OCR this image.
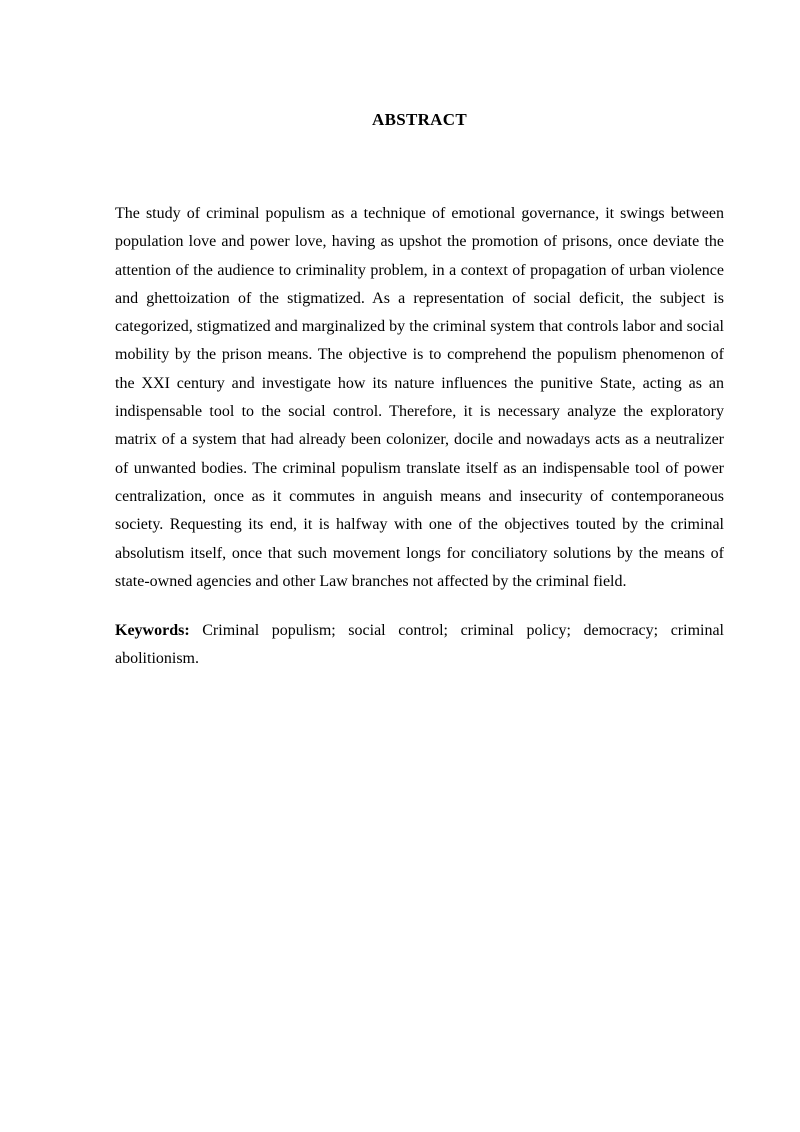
ABSTRACT

The study of criminal populism as a technique of emotional governance, it swings between population love and power love, having as upshot the promotion of prisons, once deviate the attention of the audience to criminality problem, in a context of propagation of urban violence and ghettoization of the stigmatized. As a representation of social deficit, the subject is categorized, stigmatized and marginalized by the criminal system that controls labor and social mobility by the prison means. The objective is to comprehend the populism phenomenon of the XXI century and investigate how its nature influences the punitive State, acting as an indispensable tool to the social control. Therefore, it is necessary analyze the exploratory matrix of a system that had already been colonizer, docile and nowadays acts as a neutralizer of unwanted bodies. The criminal populism translate itself as an indispensable tool of power centralization, once as it commutes in anguish means and insecurity of contemporaneous society. Requesting its end, it is halfway with one of the objectives touted by the criminal absolutism itself, once that such movement longs for conciliatory solutions by the means of state-owned agencies and other Law branches not affected by the criminal field.

Keywords: Criminal populism; social control; criminal policy; democracy; criminal abolitionism.
